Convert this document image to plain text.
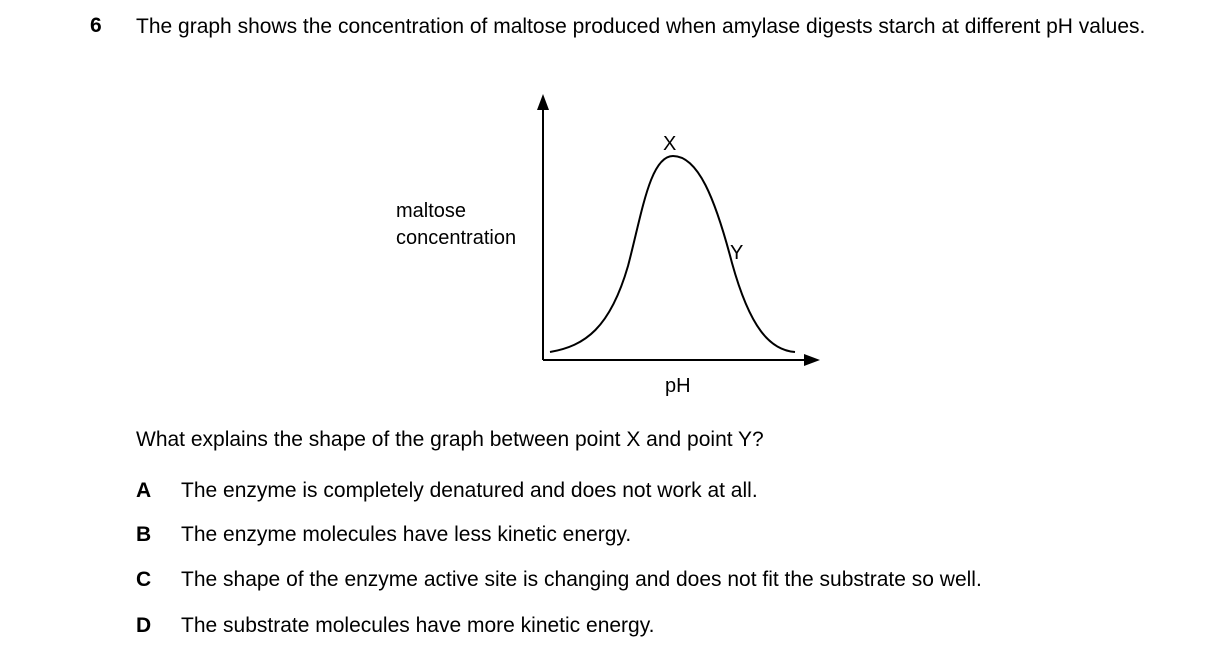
6 The graph shows the concentration of maltose produced when amylase digests starch at different pH values.
maltose
concentration
X
Y
pH
What explains the shape of the graph between point X and point Y?
A The enzyme is completely denatured and does not work at all.
B The enzyme molecules have less kinetic energy.
C The shape of the enzyme active site is changing and does not fit the substrate so well.
D The substrate molecules have more kinetic energy.
